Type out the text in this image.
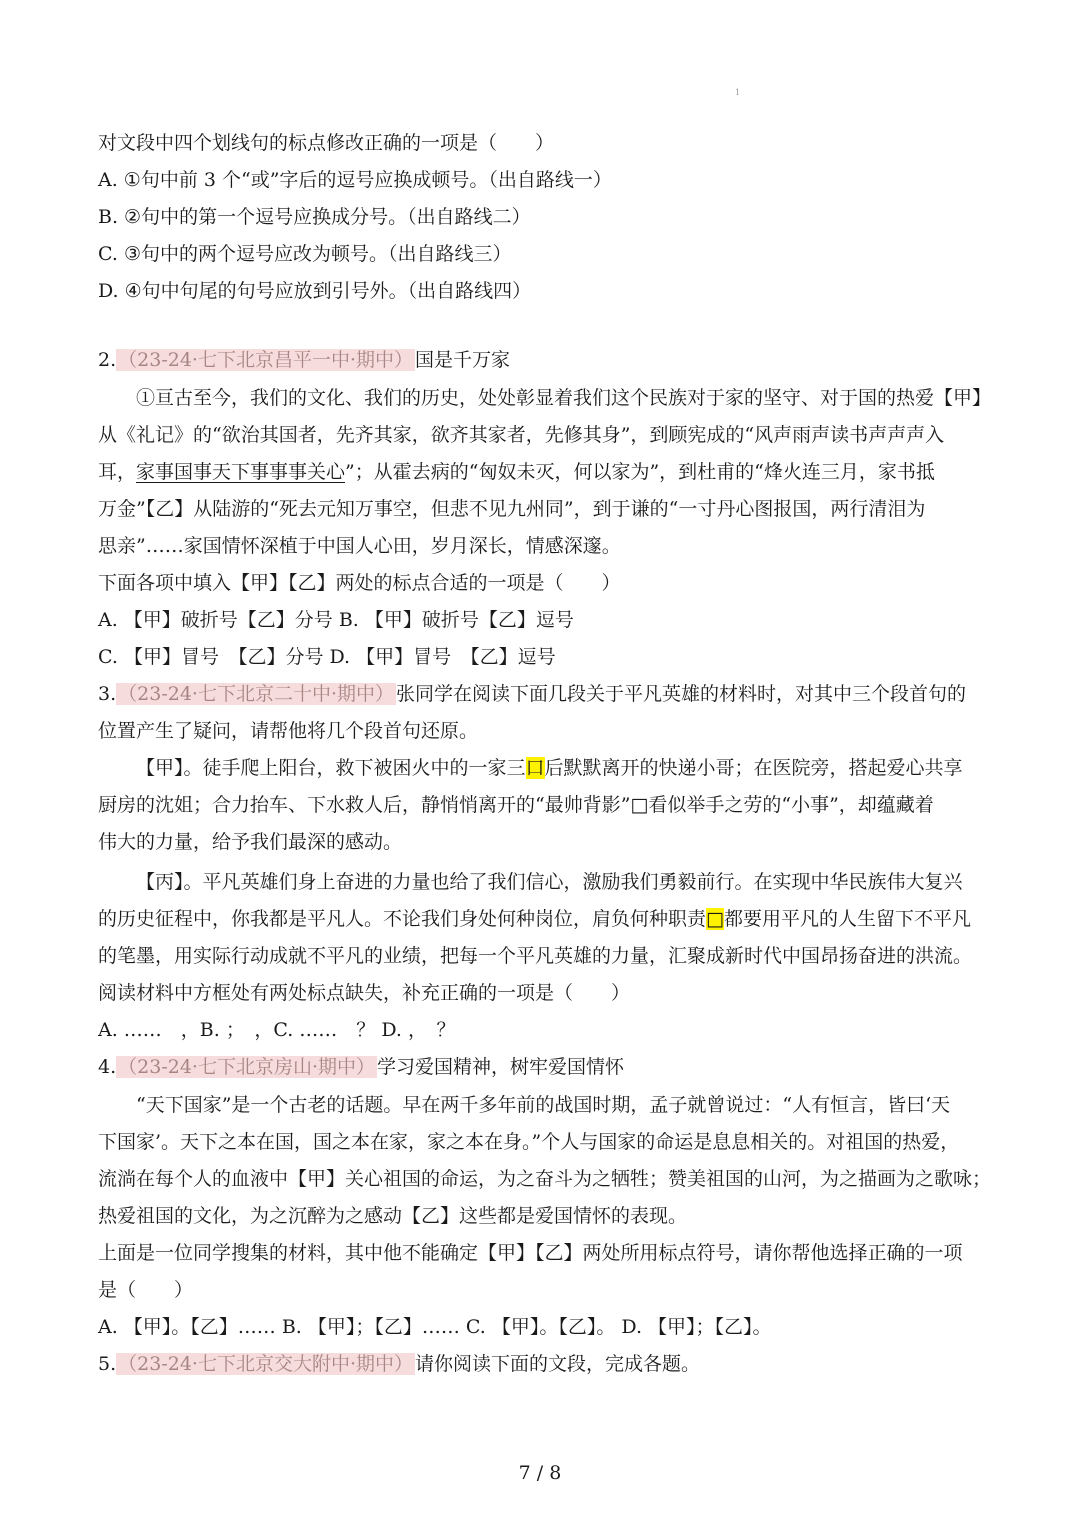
1
对文段中四个划线句的标点修改正确的一项是（　　）
A. ①句中前 3 个“或”字后的逗号应换成顿号。（出自路线一）
B. ②句中的第一个逗号应换成分号。（出自路线二）
C. ③句中的两个逗号应改为顿号。（出自路线三）
D. ④句中句尾的句号应放到引号外。（出自路线四）
2. （23-24·七下北京昌平一中·期中） 国是千万家
①亘古至今，我们的文化、我们的历史，处处彰显着我们这个民族对于家的坚守、对于国的热爱【甲】
从《礼记》的“欲治其国者，先齐其家，欲齐其家者，先修其身”，到顾宪成的“风声雨声读书声声声入
耳，家事国事天下事事事关心”；从霍去病的“匈奴未灭，何以家为”，到杜甫的“烽火连三月，家书抵
万金”【乙】从陆游的“死去元知万事空，但悲不见九州同”，到于谦的“一寸丹心图报国，两行清泪为
思亲”……家国情怀深植于中国人心田，岁月深长，情感深邃。
下面各项中填入【甲】【乙】两处的标点合适的一项是（　　）
A. 【甲】破折号【乙】分号 B. 【甲】破折号【乙】逗号
C. 【甲】冒号　【乙】分号 D. 【甲】冒号　【乙】逗号
3. （23-24·七下北京二十中·期中） 张同学在阅读下面几段关于平凡英雄的材料时，对其中三个段首句的
位置产生了疑问，请帮他将几个段首句还原。
【甲】。徒手爬上阳台，救下被困火中的一家三口后默默离开的快递小哥；在医院旁，搭起爱心共享
厨房的沈姐；合力抬车、下水救人后，静悄悄离开的“最帅背影”□看似举手之劳的“小事”，却蕴藏着
伟大的力量，给予我们最深的感动。
【丙】。平凡英雄们身上奋进的力量也给了我们信心，激励我们勇毅前行。在实现中华民族伟大复兴
的历史征程中，你我都是平凡人。不论我们身处何种岗位，肩负何种职责□都要用平凡的人生留下不平凡
的笔墨，用实际行动成就不平凡的业绩，把每一个平凡英雄的力量，汇聚成新时代中国昂扬奋进的洪流。
阅读材料中方框处有两处标点缺失，补充正确的一项是（　　）
A. ……　，B. ；　，C. ……　？ D. ，　？
4. （23-24·七下北京房山·期中） 学习爱国精神，树牢爱国情怀
“天下国家”是一个古老的话题。早在两千多年前的战国时期，孟子就曾说过：“人有恒言，皆曰‘天
下国家’。天下之本在国，国之本在家，家之本在身。”个人与国家的命运是息息相关的。对祖国的热爱，
流淌在每个人的血液中【甲】关心祖国的命运，为之奋斗为之牺牲；赞美祖国的山河，为之描画为之歌咏；
热爱祖国的文化，为之沉醉为之感动【乙】这些都是爱国情怀的表现。
上面是一位同学搜集的材料，其中他不能确定【甲】【乙】两处所用标点符号，请你帮他选择正确的一项
是（　　）
A. 【甲】。【乙】…… B. 【甲】；【乙】…… C. 【甲】。【乙】。 D. 【甲】；【乙】。
5. （23-24·七下北京交大附中·期中） 请你阅读下面的文段，完成各题。
7 / 8
